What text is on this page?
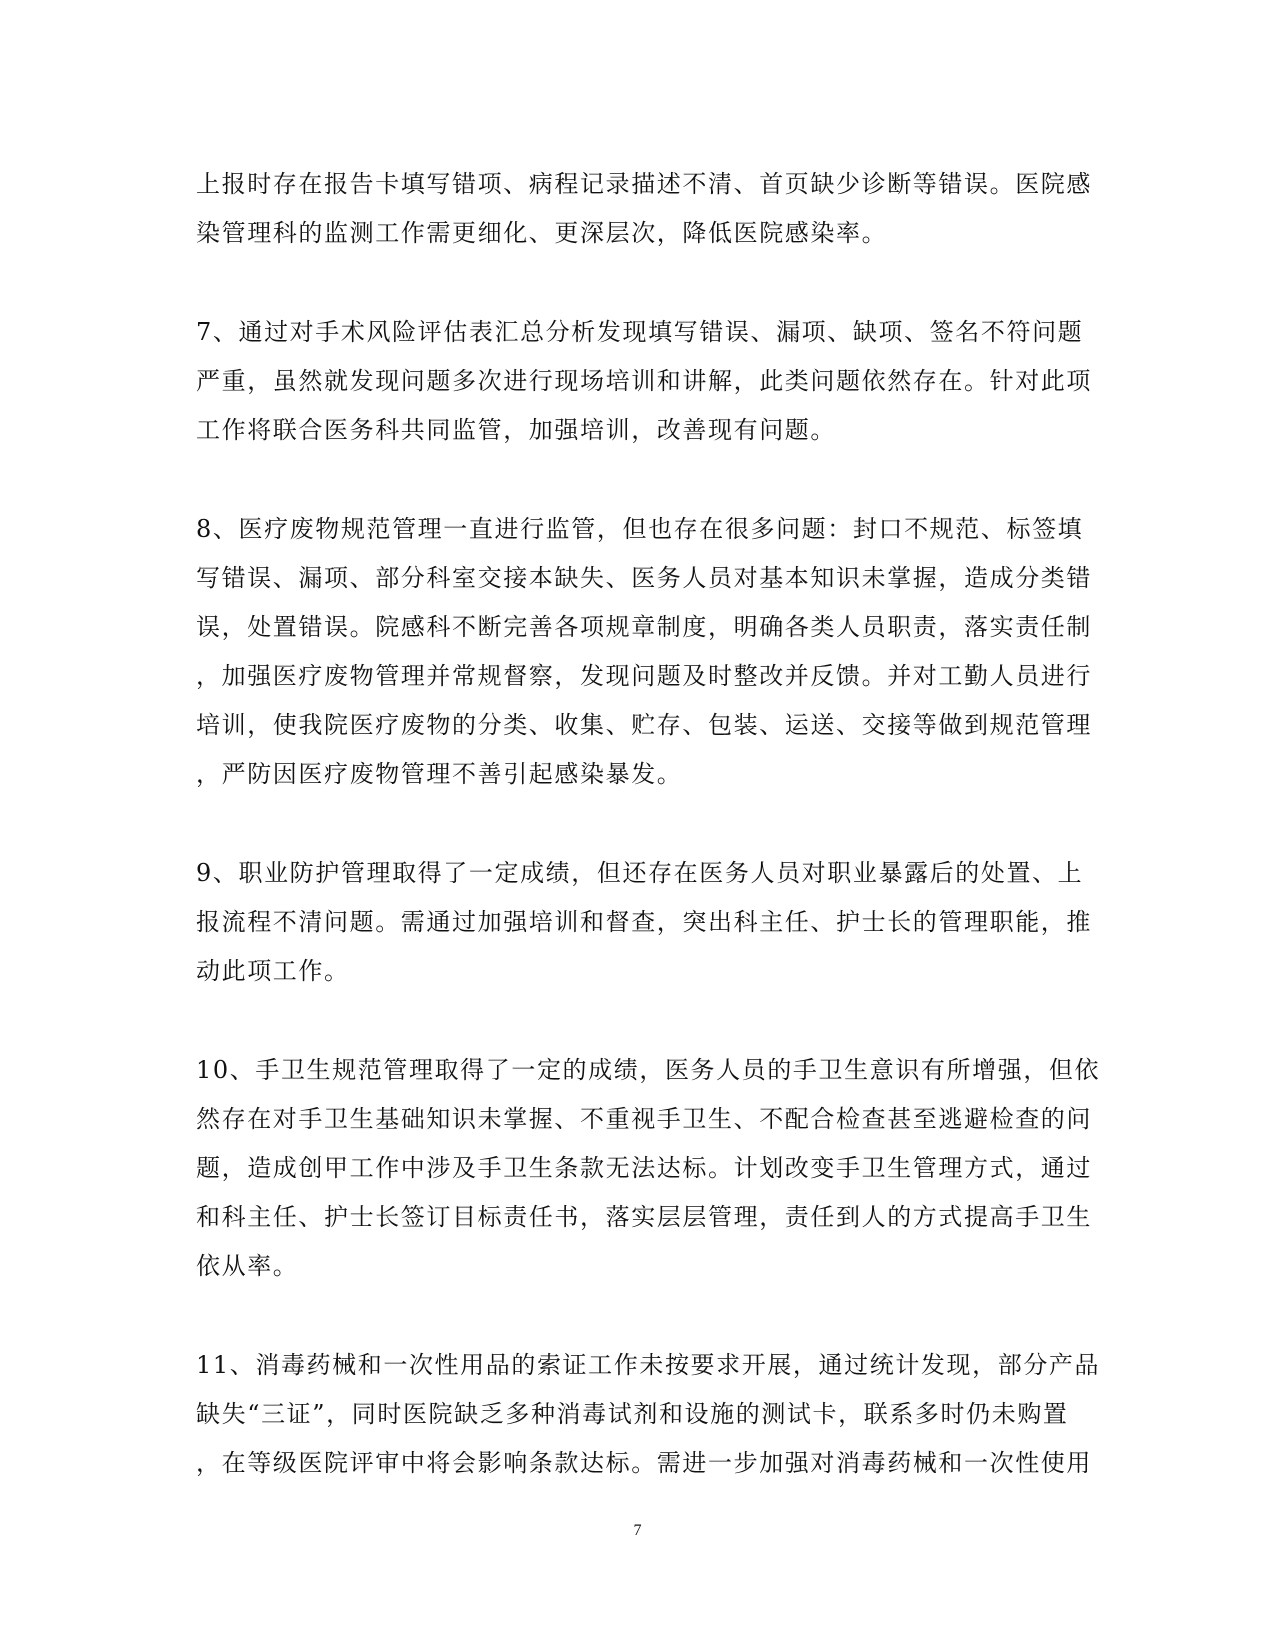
上报时存在报告卡填写错项、病程记录描述不清、首页缺少诊断等错误。医院感
染管理科的监测工作需更细化、更深层次，降低医院感染率。

7、通过对手术风险评估表汇总分析发现填写错误、漏项、缺项、签名不符问题
严重，虽然就发现问题多次进行现场培训和讲解，此类问题依然存在。针对此项
工作将联合医务科共同监管，加强培训，改善现有问题。

8、医疗废物规范管理一直进行监管，但也存在很多问题：封口不规范、标签填
写错误、漏项、部分科室交接本缺失、医务人员对基本知识未掌握，造成分类错
误，处置错误。院感科不断完善各项规章制度，明确各类人员职责，落实责任制
，加强医疗废物管理并常规督察，发现问题及时整改并反馈。并对工勤人员进行
培训，使我院医疗废物的分类、收集、贮存、包装、运送、交接等做到规范管理
，严防因医疗废物管理不善引起感染暴发。

9、职业防护管理取得了一定成绩，但还存在医务人员对职业暴露后的处置、上
报流程不清问题。需通过加强培训和督查，突出科主任、护士长的管理职能，推
动此项工作。

10、手卫生规范管理取得了一定的成绩，医务人员的手卫生意识有所增强，但依
然存在对手卫生基础知识未掌握、不重视手卫生、不配合检查甚至逃避检查的问
题，造成创甲工作中涉及手卫生条款无法达标。计划改变手卫生管理方式，通过
和科主任、护士长签订目标责任书，落实层层管理，责任到人的方式提高手卫生
依从率。

11、消毒药械和一次性用品的索证工作未按要求开展，通过统计发现，部分产品
缺失“三证”，同时医院缺乏多种消毒试剂和设施的测试卡，联系多时仍未购置
，在等级医院评审中将会影响条款达标。需进一步加强对消毒药械和一次性使用

7
